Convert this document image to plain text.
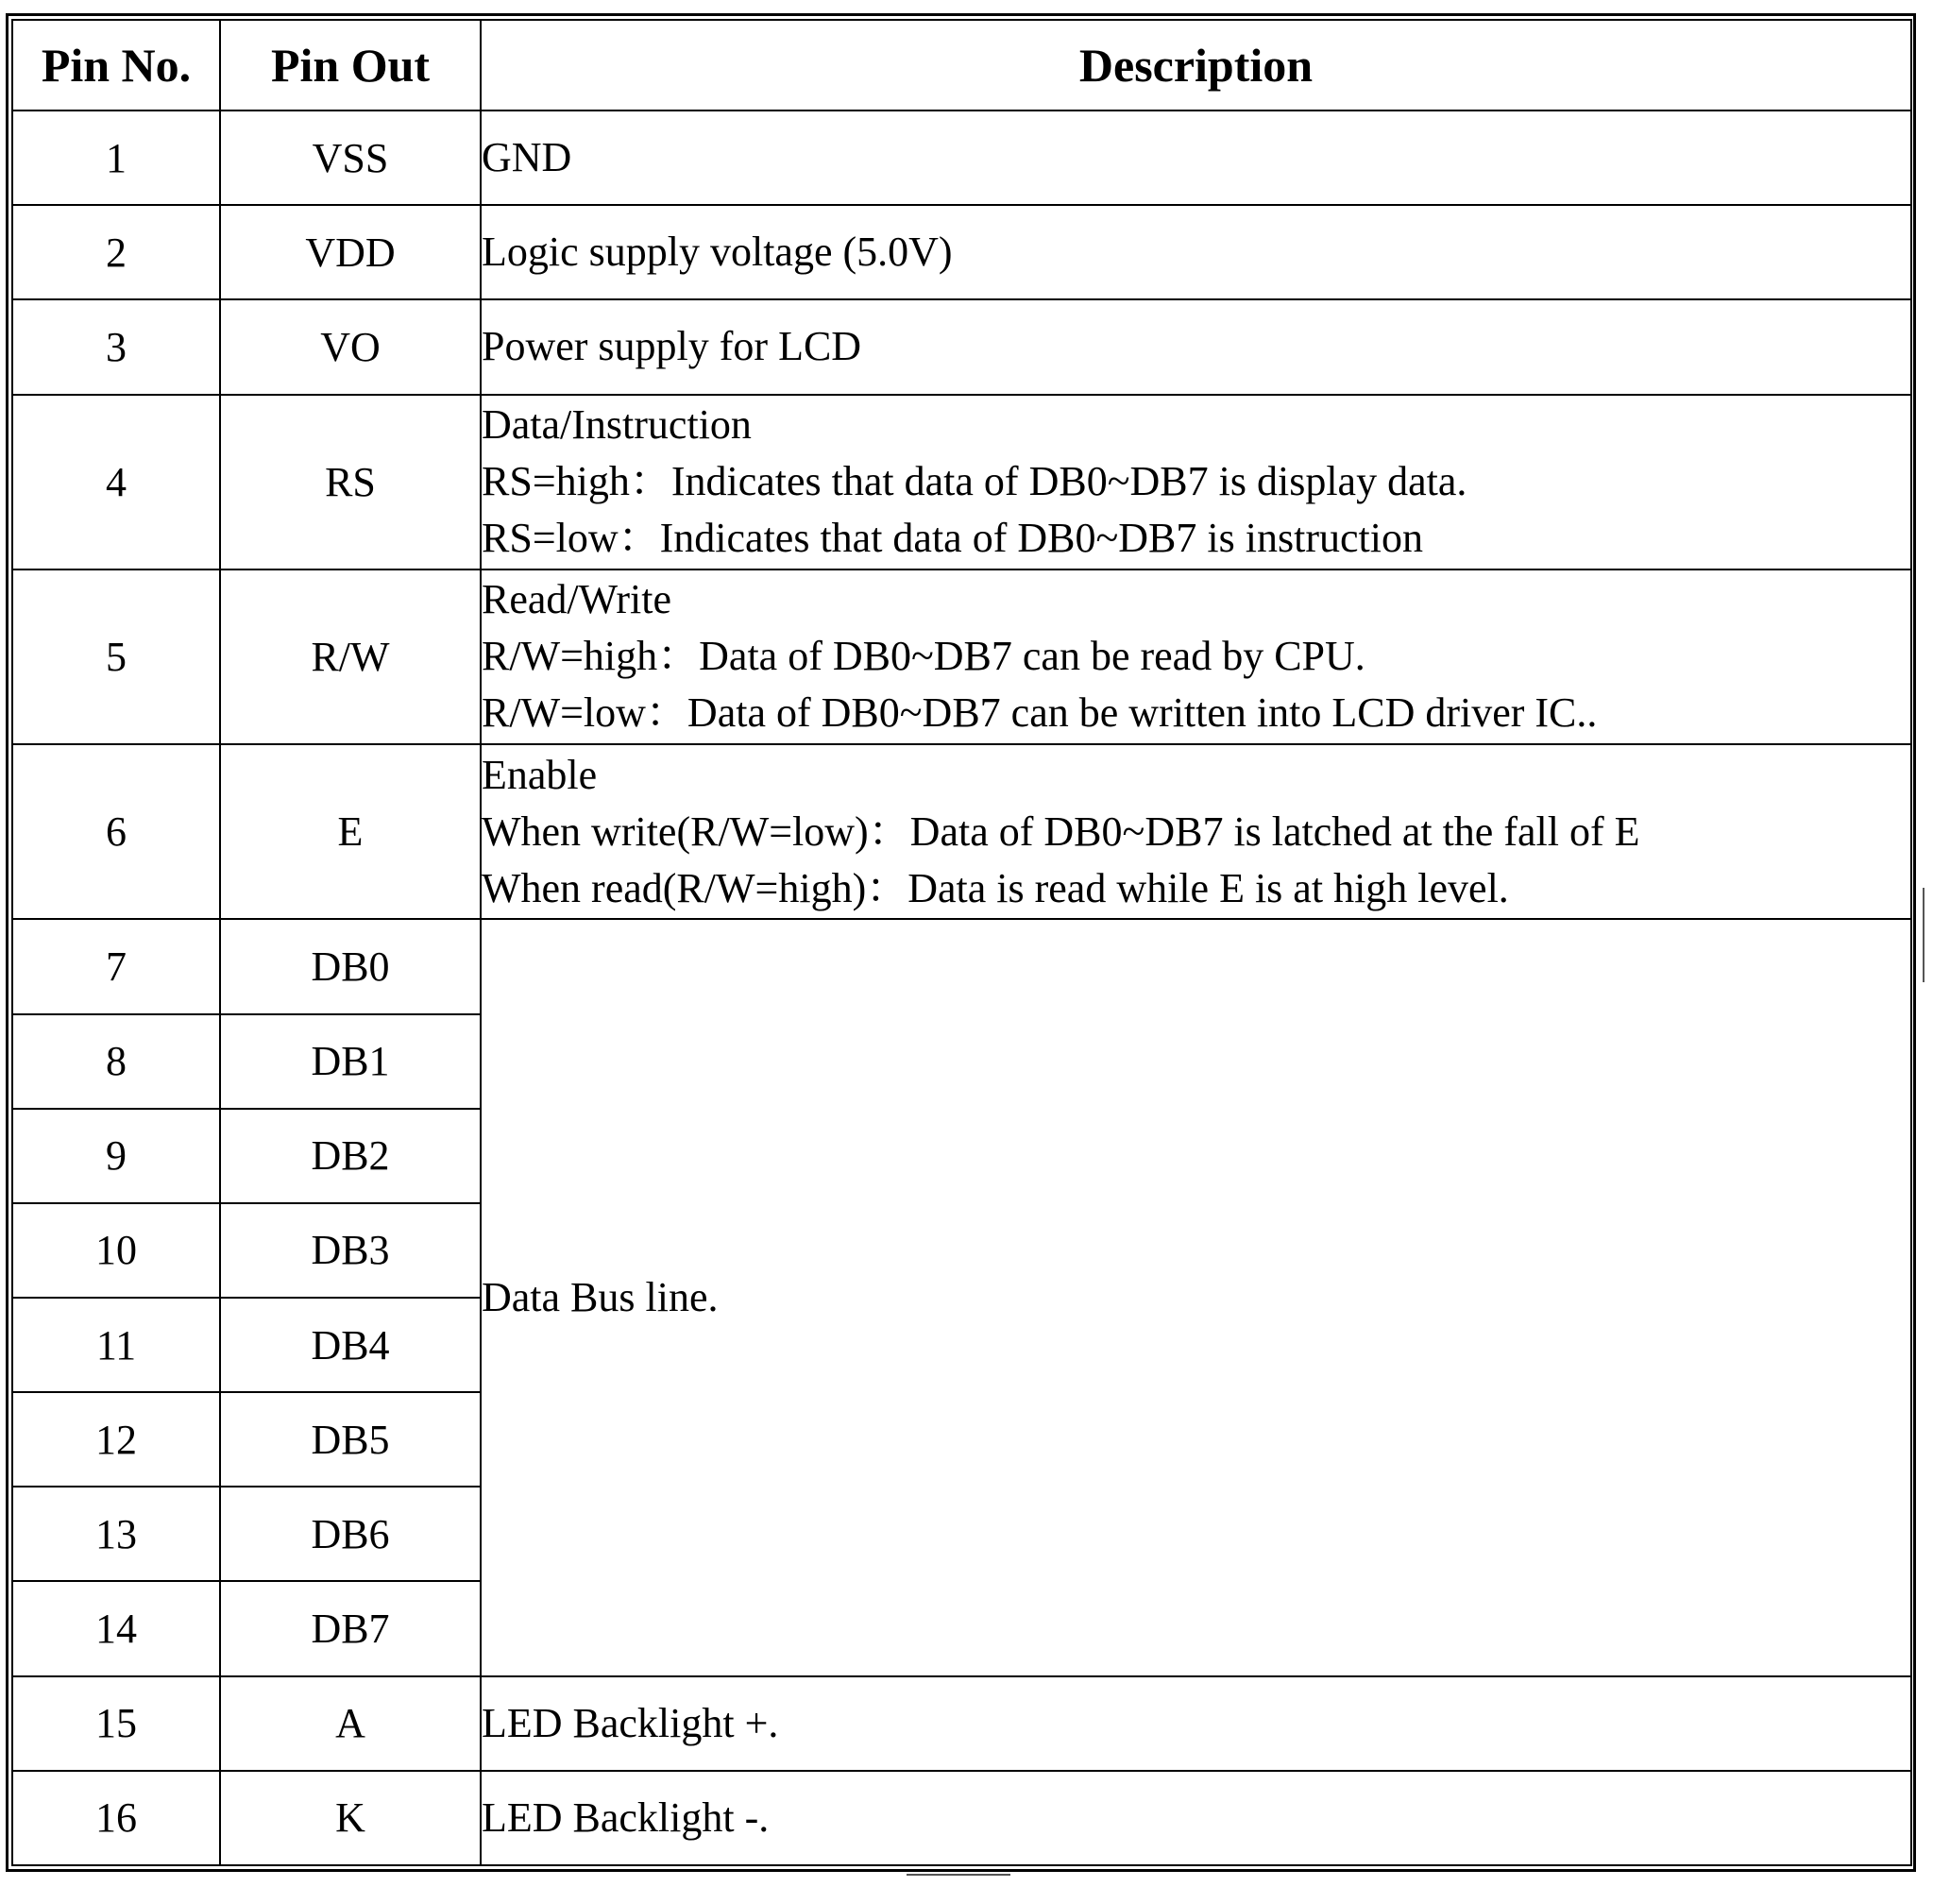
Pin No.	Pin Out	Description
1	VSS	GND

2	VDD	Logic supply voltage (5.0V)

3	VO	Power supply for LCD

4	RS	Data/Instruction
RS=high：Indicates that data of DB0~DB7 is display data.
RS=low：Indicates that data of DB0~DB7 is instruction

5	R/W	Read/Write
R/W=high：Data of DB0~DB7 can be read by CPU.
R/W=low：Data of DB0~DB7 can be written into LCD driver IC..

6	E	Enable
When write(R/W=low)：Data of DB0~DB7 is latched at the fall of E
When read(R/W=high)：Data is read while E is at high level.

7	DB0	Data Bus line.

8	DB1	
9	DB2	
10	DB3	
11	DB4	
12	DB5	
13	DB6	
14	DB7	
15	A	LED Backlight +.

16	K	LED Backlight -.
